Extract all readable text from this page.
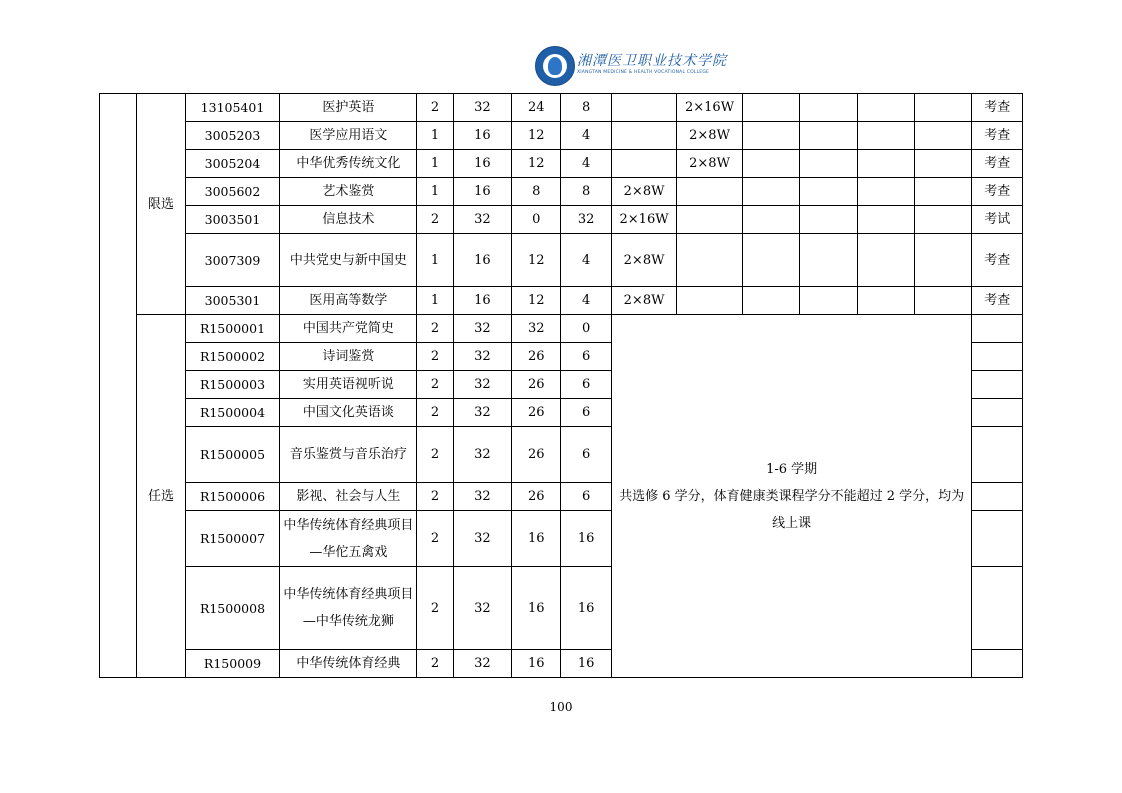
湘潭医卫职业技术学院
XIANGTAN MEDICINE & HEALTH VOCATIONAL COLLEGE
	限选	13105401	医护英语	2	32	24	8		2×16W					考查
		3005203	医学应用语文	1	16	12	4		2×8W					考查
		3005204	中华优秀传统文化	1	16	12	4		2×8W					考查
		3005602	艺术鉴赏	1	16	8	8	2×8W						考查
		3003501	信息技术	2	32	0	32	2×16W						考试
		3007309	中共党史与新中国史	1	16	12	4	2×8W						考查
		3005301	医用高等数学	1	16	12	4	2×8W						考查
	任选	R1500001	中国共产党简史	2	32	32	0	1-6 学期
共选修 6 学分，体育健康类课程学分不能超过 2 学分，均为线上课						

		R1500002	诗词鉴赏	2	32	26	6							
		R1500003	实用英语视听说	2	32	26	6							
		R1500004	中国文化英语谈	2	32	26	6							
		R1500005	音乐鉴赏与音乐治疗	2	32	26	6							
		R1500006	影视、社会与人生	2	32	26	6							
		R1500007	中华传统体育经典项目—华佗五禽戏	2	32	16	16							
		R1500008	中华传统体育经典项目—中华传统龙狮	2	32	16	16							
		R150009	中华传统体育经典	2	32	16	16							
100
